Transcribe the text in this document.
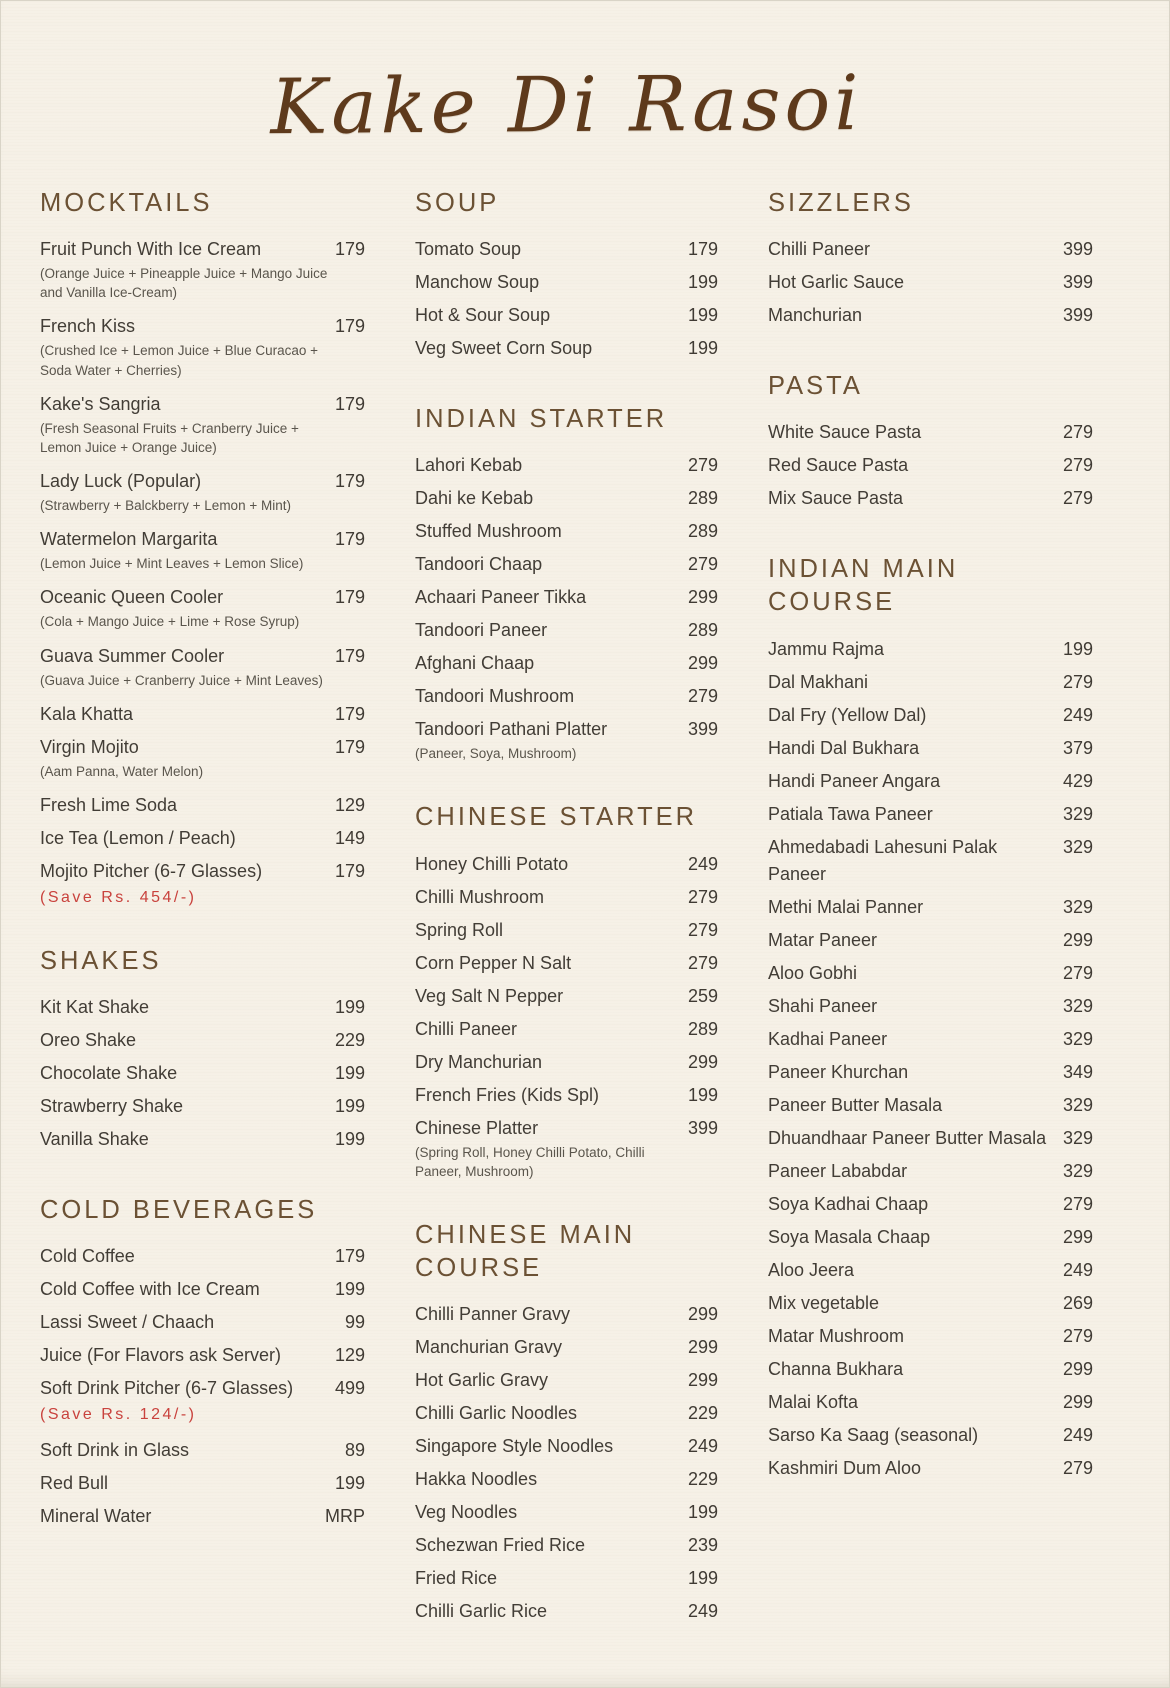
Kake Di Rasoi
MOCKTAILS
Fruit Punch With Ice Cream	179

(Orange Juice + Pineapple Juice + Mango Juice and Vanilla Ice-Cream)

French Kiss	179

(Crushed Ice + Lemon Juice + Blue Curacao + Soda Water + Cherries)

Kake's Sangria	179

(Fresh Seasonal Fruits + Cranberry Juice + Lemon Juice + Orange Juice)

Lady Luck (Popular)	179

(Strawberry + Balckberry + Lemon + Mint)

Watermelon Margarita	179

(Lemon Juice + Mint Leaves + Lemon Slice)

Oceanic Queen Cooler	179

(Cola + Mango Juice + Lime + Rose Syrup)

Guava Summer Cooler	179

(Guava Juice + Cranberry Juice + Mint Leaves)

Kala Khatta	179
Virgin Mojito	179

(Aam Panna, Water Melon)

Fresh Lime Soda	129
Ice Tea (Lemon / Peach)	149
Mojito Pitcher (6-7 Glasses)	179

(Save Rs. 454/-)

SHAKES
Kit Kat Shake	199
Oreo Shake	229
Chocolate Shake	199
Strawberry Shake	199
Vanilla Shake	199
COLD BEVERAGES
Cold Coffee	179
Cold Coffee with Ice Cream	199
Lassi Sweet / Chaach	99
Juice (For Flavors ask Server)	129
Soft Drink Pitcher (6-7 Glasses)	499

(Save Rs. 124/-)

Soft Drink in Glass	89
Red Bull	199
Mineral Water	MRP
SOUP
Tomato Soup	179
Manchow Soup	199
Hot & Sour Soup	199
Veg Sweet Corn Soup	199
INDIAN STARTER
Lahori Kebab	279
Dahi ke Kebab	289
Stuffed Mushroom	289
Tandoori Chaap	279
Achaari Paneer Tikka	299
Tandoori Paneer	289
Afghani Chaap	299
Tandoori Mushroom	279
Tandoori Pathani Platter	399

(Paneer, Soya, Mushroom)

CHINESE STARTER
Honey Chilli Potato	249
Chilli Mushroom	279
Spring Roll	279
Corn Pepper N Salt	279
Veg Salt N Pepper	259
Chilli Paneer	289
Dry Manchurian	299
French Fries (Kids Spl)	199
Chinese Platter	399

(Spring Roll, Honey Chilli Potato, Chilli Paneer, Mushroom)

CHINESE MAIN COURSE
Chilli Panner Gravy	299
Manchurian Gravy	299
Hot Garlic Gravy	299
Chilli Garlic Noodles	229
Singapore Style Noodles	249
Hakka Noodles	229
Veg Noodles	199
Schezwan Fried Rice	239
Fried Rice	199
Chilli Garlic Rice	249
SIZZLERS
Chilli Paneer	399
Hot Garlic Sauce	399
Manchurian	399
PASTA
White Sauce Pasta	279
Red Sauce Pasta	279
Mix Sauce Pasta	279
INDIAN MAIN COURSE
Jammu Rajma	199
Dal Makhani	279
Dal Fry (Yellow Dal)	249
Handi Dal Bukhara	379
Handi Paneer Angara	429
Patiala Tawa Paneer	329
Ahmedabadi Lahesuni Palak Paneer
329
Methi Malai Panner	329
Matar Paneer	299
Aloo Gobhi	279
Shahi Paneer	329
Kadhai Paneer	329
Paneer Khurchan	349
Paneer Butter Masala	329
Dhuandhaar Paneer Butter Masala 329
Paneer Lababdar	329
Soya Kadhai Chaap	279
Soya Masala Chaap	299
Aloo Jeera	249
Mix vegetable	269
Matar Mushroom	279
Channa Bukhara	299
Malai Kofta	299
Sarso Ka Saag (seasonal)	249
Kashmiri Dum Aloo	279
